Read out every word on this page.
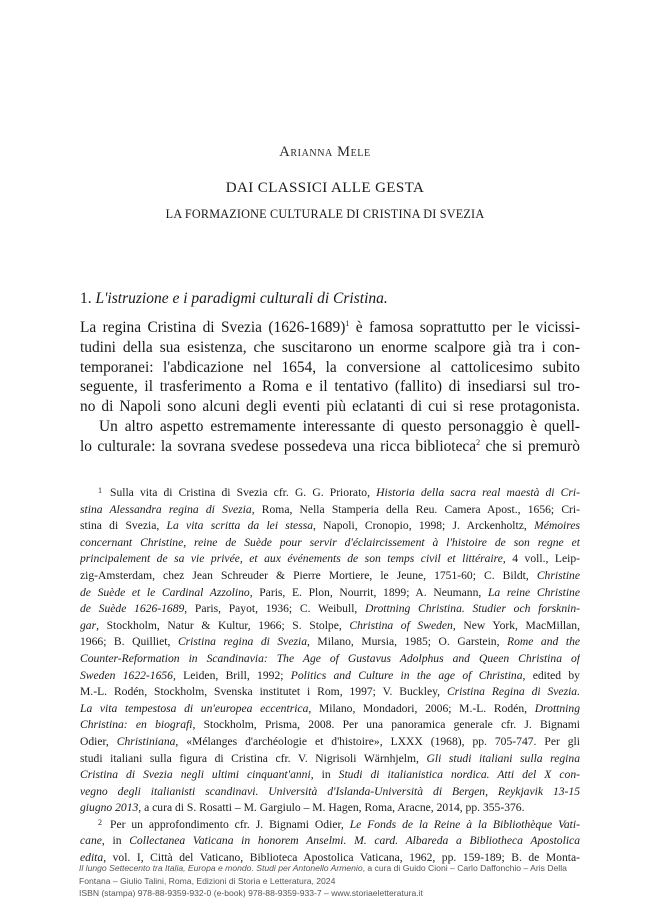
Arianna Mele
DAI CLASSICI ALLE GESTA
LA FORMAZIONE CULTURALE DI CRISTINA DI SVEZIA
1. L'istruzione e i paradigmi culturali di Cristina.
La regina Cristina di Svezia (1626-1689)$^1$ è famosa soprattutto per le vicissi-
tudini della sua esistenza, che suscitarono un enorme scalpore già tra i con-
temporanei: l'abdicazione nel 1654, la conversione al cattolicesimo subito
seguente, il trasferimento a Roma e il tentativo (fallito) di insediarsi sul tro-
no di Napoli sono alcuni degli eventi più eclatanti di cui si rese protagonista.
Un altro aspetto estremamente interessante di questo personaggio è quell-
lo culturale: la sovrana svedese possedeva una ricca biblioteca$^2$ che si premurò
$^1$ Sulla vita di Cristina di Svezia cfr. G. G. Priorato, Historia della sacra real maestà di Cri-
stina Alessandra regina di Svezia, Roma, Nella Stamperia della Reu. Camera Apost., 1656; Cri-
stina di Svezia, La vita scritta da lei stessa, Napoli, Cronopio, 1998; J. Arckenholtz, Mémoires
concernant Christine, reine de Suède pour servir d'éclaircissement à l'histoire de son regne et
principalement de sa vie privée, et aux événements de son temps civil et littéraire, 4 voll., Leip-
zig-Amsterdam, chez Jean Schreuder & Pierre Mortiere, le Jeune, 1751-60; C. Bildt, Christine
de Suède et le Cardinal Azzolino, Paris, E. Plon, Nourrit, 1899; A. Neumann, La reine Christine
de Suède 1626-1689, Paris, Payot, 1936; C. Weibull, Drottning Christina. Studier och forsknin-
gar, Stockholm, Natur & Kultur, 1966; S. Stolpe, Christina of Sweden, New York, MacMillan,
1966; B. Quilliet, Cristina regina di Svezia, Milano, Mursia, 1985; O. Garstein, Rome and the
Counter-Reformation in Scandinavia: The Age of Gustavus Adolphus and Queen Christina of
Sweden 1622-1656, Leiden, Brill, 1992; Politics and Culture in the age of Christina, edited by
M.-L. Rodén, Stockholm, Svenska institutet i Rom, 1997; V. Buckley, Cristina Regina di Svezia.
La vita tempestosa di un'europea eccentrica, Milano, Mondadori, 2006; M.-L. Rodén, Drottning
Christina: en biografi, Stockholm, Prisma, 2008. Per una panoramica generale cfr. J. Bignami
Odier, Christiniana, «Mélanges d'archéologie et d'histoire», LXXX (1968), pp. 705-747. Per gli
studi italiani sulla figura di Cristina cfr. V. Nigrisoli Wärnhjelm, Gli studi italiani sulla regina
Cristina di Svezia negli ultimi cinquant'anni, in Studi di italianistica nordica. Atti del X con-
vegno degli italianisti scandinavi. Università d'Islanda-Università di Bergen, Reykjavik 13-15
giugno 2013, a cura di S. Rosatti – M. Gargiulo – M. Hagen, Roma, Aracne, 2014, pp. 355-376.
$^2$ Per un approfondimento cfr. J. Bignami Odier, Le Fonds de la Reine à la Bibliothèque Vati-
cane, in Collectanea Vaticana in honorem Anselmi. M. card. Albareda a Bibliotheca Apostolica
edita, vol. I, Città del Vaticano, Biblioteca Apostolica Vaticana, 1962, pp. 159-189; B. de Monta-
Il lungo Settecento tra Italia, Europa e mondo. Studi per Antonello Armenio, a cura di Guido Cioni – Carlo Daffonchio – Aris Della
Fontana – Giulio Talini, Roma, Edizioni di Storia e Letteratura, 2024
ISBN (stampa) 978-88-9359-932-0 (e-book) 978-88-9359-933-7 – www.storiaeletteratura.it
